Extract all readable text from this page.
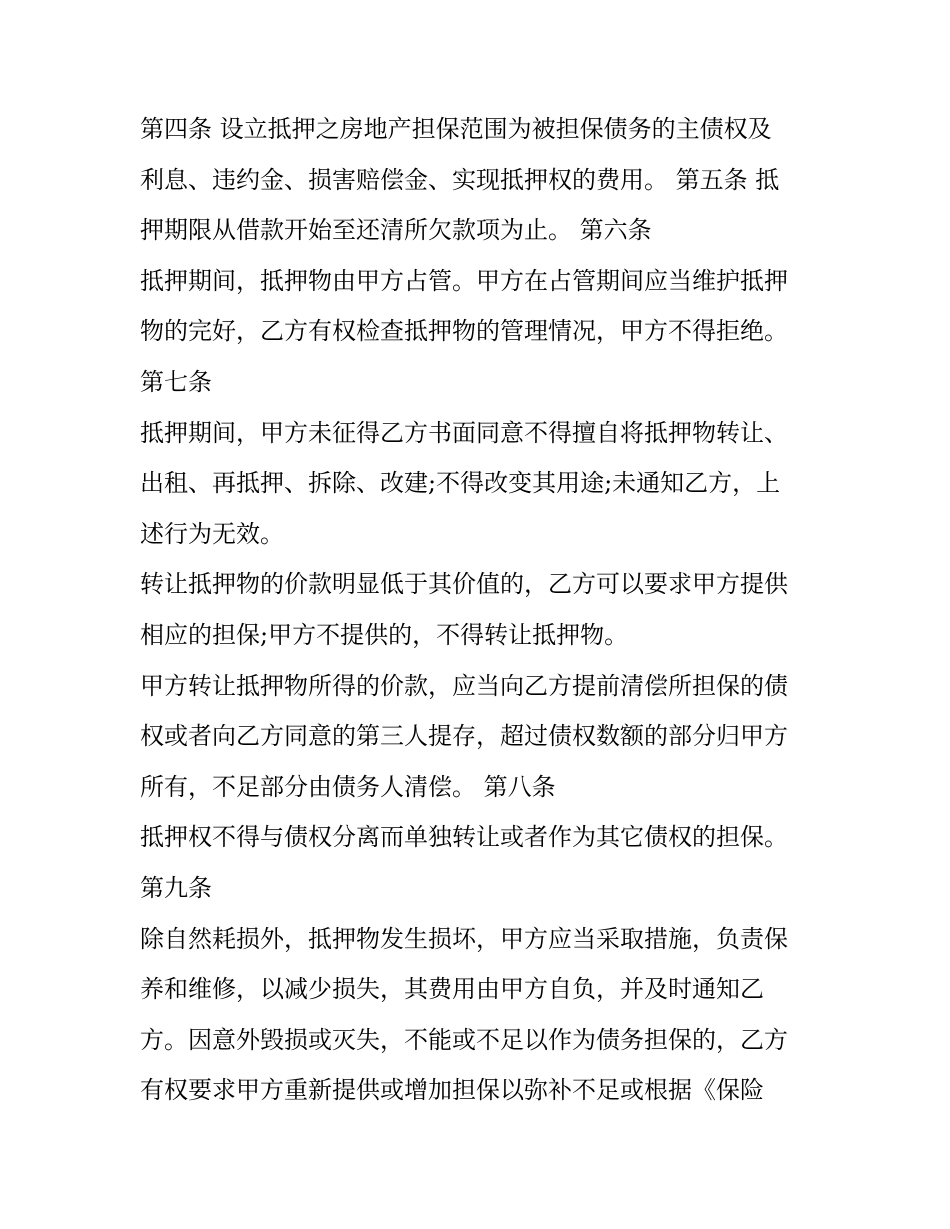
第四条 设立抵押之房地产担保范围为被担保债务的主债权及
利息、违约金、损害赔偿金、实现抵押权的费用。 第五条 抵
押期限从借款开始至还清所欠款项为止。 第六条
抵押期间，抵押物由甲方占管。甲方在占管期间应当维护抵押
物的完好，乙方有权检查抵押物的管理情况，甲方不得拒绝。
第七条
抵押期间，甲方未征得乙方书面同意不得擅自将抵押物转让、
出租、再抵押、拆除、改建;不得改变其用途;未通知乙方，上
述行为无效。
转让抵押物的价款明显低于其价值的，乙方可以要求甲方提供
相应的担保;甲方不提供的，不得转让抵押物。
甲方转让抵押物所得的价款，应当向乙方提前清偿所担保的债
权或者向乙方同意的第三人提存，超过债权数额的部分归甲方
所有，不足部分由债务人清偿。 第八条
抵押权不得与债权分离而单独转让或者作为其它债权的担保。
第九条
除自然耗损外，抵押物发生损坏，甲方应当采取措施，负责保
养和维修，以减少损失，其费用由甲方自负，并及时通知乙
方。因意外毁损或灭失，不能或不足以作为债务担保的，乙方
有权要求甲方重新提供或增加担保以弥补不足或根据《保险
